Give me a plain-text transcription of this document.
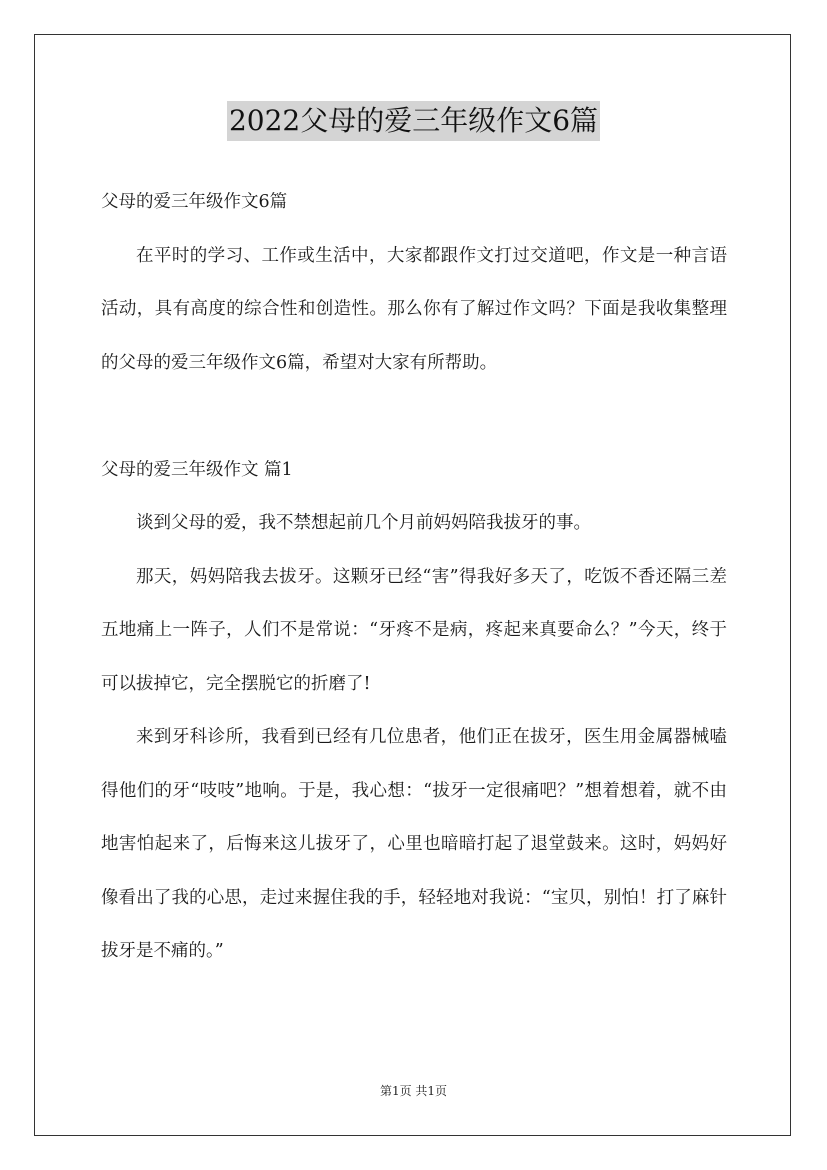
2022父母的爱三年级作文6篇

父母的爱三年级作文6篇

在平时的学习、工作或生活中，大家都跟作文打过交道吧，作文是一种言语活动，具有高度的综合性和创造性。那么你有了解过作文吗？下面是我收集整理的父母的爱三年级作文6篇，希望对大家有所帮助。

父母的爱三年级作文 篇1

谈到父母的爱，我不禁想起前几个月前妈妈陪我拔牙的事。

那天，妈妈陪我去拔牙。这颗牙已经“害”得我好多天了，吃饭不香还隔三差五地痛上一阵子，人们不是常说：“牙疼不是病，疼起来真要命么？”今天，终于可以拔掉它，完全摆脱它的折磨了!

来到牙科诊所，我看到已经有几位患者，他们正在拔牙，医生用金属器械嗑得他们的牙“吱吱”地响。于是，我心想：“拔牙一定很痛吧？”想着想着，就不由地害怕起来了，后悔来这儿拔牙了，心里也暗暗打起了退堂鼓来。这时，妈妈好像看出了我的心思，走过来握住我的手，轻轻地对我说：“宝贝，别怕！打了麻针拔牙是不痛的。”

第1页 共1页
